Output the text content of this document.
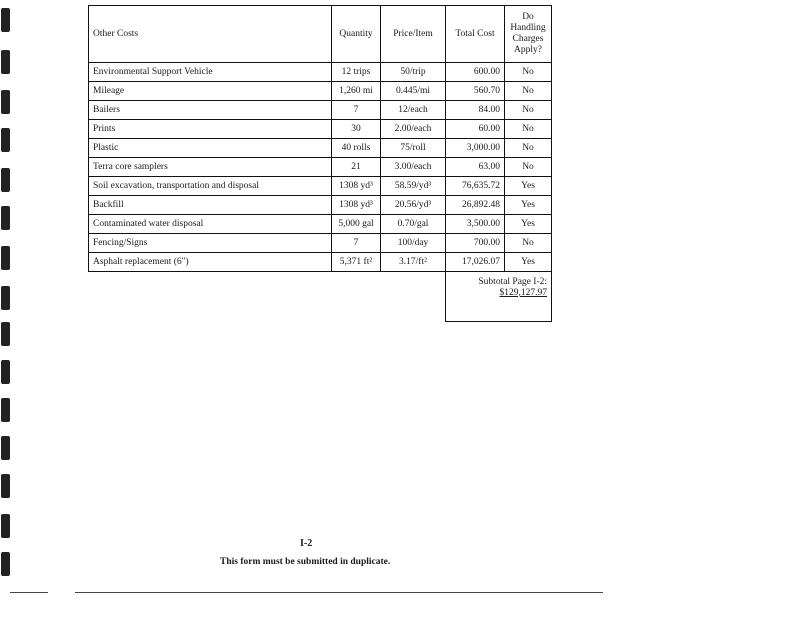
Other Costs	Quantity	Price/Item	Total Cost	Do Handling Charges Apply?
Environmental Support Vehicle	12 trips	50/trip	600.00	No
Mileage	1,260 mi	0.445/mi	560.70	No
Bailers	7	12/each	84.00	No
Prints	30	2.00/each	60.00	No
Plastic	40 rolls	75/roll	3,000.00	No
Terra core samplers	21	3.00/each	63.00	No
Soil excavation, transportation and disposal	1308 yd³	58.59/yd³	76,635.72	Yes
Backfill	1308 yd³	20.56/yd³	26,892.48	Yes
Contaminated water disposal	5,000 gal	0.70/gal	3,500.00	Yes
Fencing/Signs	7	100/day	700.00	No
Asphalt replacement (6")	5,371 ft²	3.17/ft²	17,026.07	Yes
			Subtotal Page I-2: $129,127.97	
I-2
This form must be submitted in duplicate.
